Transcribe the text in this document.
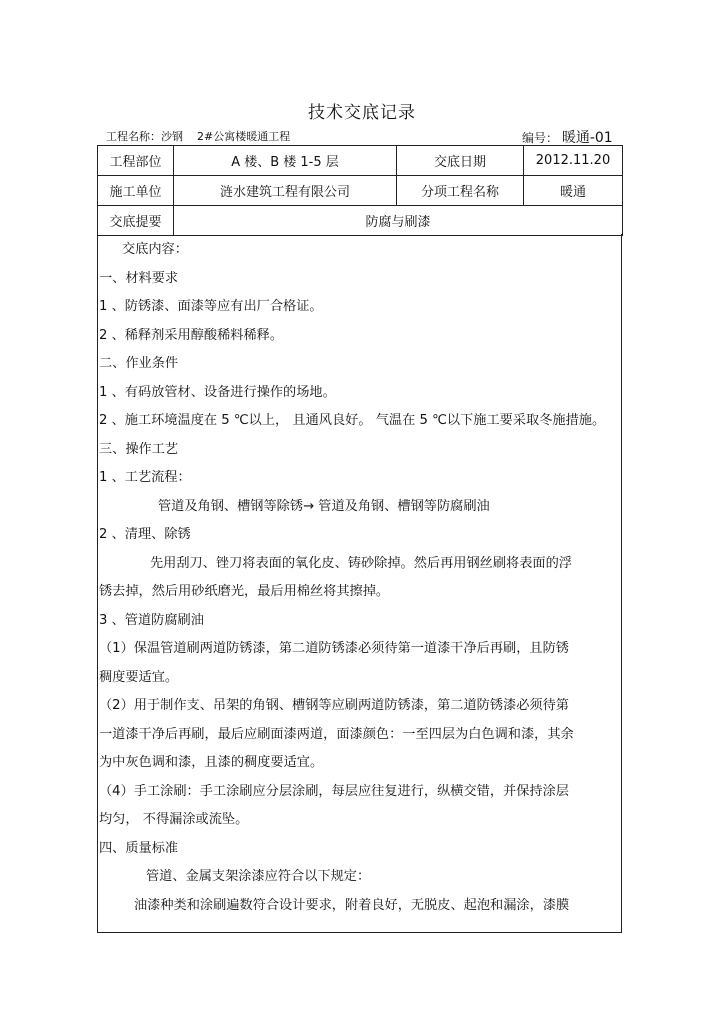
技术交底记录
工程名称：沙钢 2#公寓楼暖通工程	编号： 暖通-01
工程部位	A 楼、B 楼 1-5 层	交底日期	2012.11.20
施工单位	涟水建筑工程有限公司	分项工程名称	暖通
交底提要	防腐与刷漆		
交底内容：
一、材料要求
1 、防锈漆、面漆等应有出厂合格证。
2 、稀释剂采用醇酸稀料稀释。
二、作业条件
1 、有码放管材、设备进行操作的场地。
2 、施工环境温度在 5 ℃以上， 且通风良好。 气温在 5 ℃以下施工要采取冬施措施。
三、操作工艺
1 、工艺流程：
管道及角钢、槽钢等除锈→ 管道及角钢、槽钢等防腐刷油
2 、清理、除锈
先用刮刀、锉刀将表面的氧化皮、铸砂除掉。然后再用钢丝刷将表面的浮
锈去掉，然后用砂纸磨光，最后用棉丝将其擦掉。
3 、管道防腐刷油
（1）保温管道刷两道防锈漆，第二道防锈漆必须待第一道漆干净后再刷，且防锈
稠度要适宜。
（2）用于制作支、吊架的角钢、槽钢等应刷两道防锈漆，第二道防锈漆必须待第
一道漆干净后再刷，最后应刷面漆两道，面漆颜色：一至四层为白色调和漆，其余
为中灰色调和漆，且漆的稠度要适宜。
（4）手工涂刷：手工涂刷应分层涂刷，每层应往复进行，纵横交错，并保持涂层
均匀， 不得漏涂或流坠。
四、质量标准
管道、金属支架涂漆应符合以下规定：
油漆种类和涂刷遍数符合设计要求，附着良好，无脱皮、起泡和漏涂，漆膜
